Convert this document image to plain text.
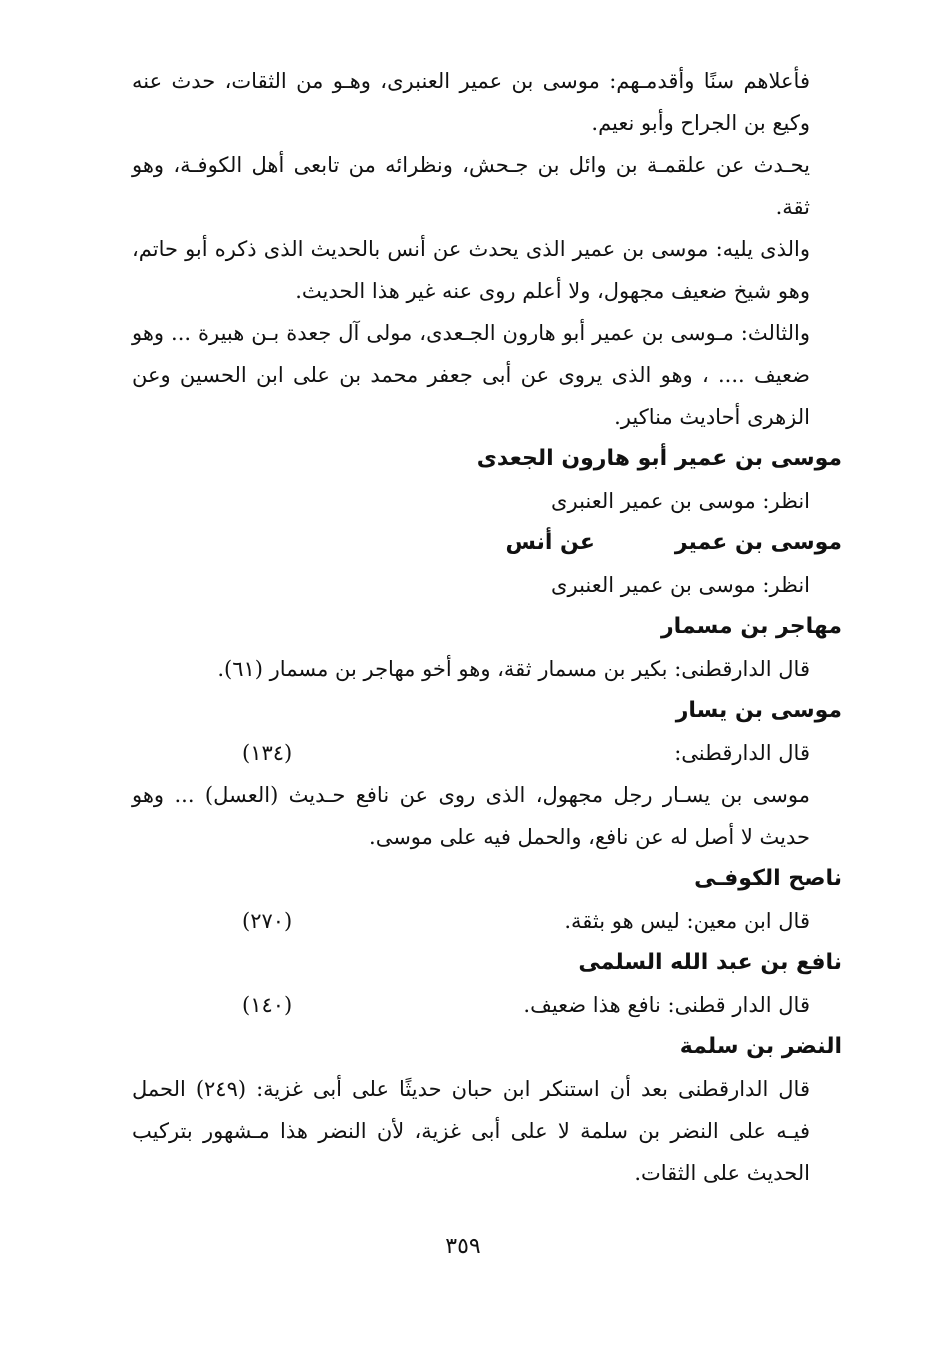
فأعلاهم سنًا وأقدمـهم: موسى بن عمير العنبرى، وهـو من الثقات، حدث عنه وكيع بن الجراح وأبو نعيم.

يحـدث عن علقمـة بن وائل بن جـحش، ونظرائه من تابعى أهل الكوفـة، وهو ثقة.

والذى يليه: موسى بن عمير الذى يحدث عن أنس بالحديث الذى ذكره أبو حاتم، وهو شيخ ضعيف مجهول، ولا أعلم روى عنه غير هذا الحديث.

والثالث: مـوسى بن عمير أبو هارون الجـعدى، مولى آل جعدة بـن هبيرة ... وهو ضعيف .... ، وهو الذى يروى عن أبى جعفر محمد بن على ابن الحسين وعن الزهرى أحاديث مناكير.

موسى بن عمير أبو هارون الجعدى
انظر: موسى بن عمير العنبرى
موسى بن عميرعن أنس
انظر: موسى بن عمير العنبرى
مهاجر بن مسمار

قال الدارقطنى: بكير بن مسمار ثقة، وهو أخو مهاجر بن مسمار (٦١).

موسى بن يسار
قال الدارقطنى:
(١٣٤)

موسى بن يسـار رجل مجهول، الذى روى عن نافع حـديث (العسل) ... وهو حديث لا أصل له عن نافع، والحمل فيه على موسى.

ناصح الكوفـى
قال ابن معين: ليس هو بثقة.
(٢٧٠)
نافع بن عبد الله السلمى
قال الدار قطنى: نافع هذا ضعيف.
(١٤٠)
النضر بن سلمة

قال الدارقطنى بعد أن استنكر ابن حبان حديثًا على أبى غزية: (٢٤٩) الحمل فيـه على النضر بن سلمة لا على أبى غزية، لأن النضر هذا مـشهور بتركيب الحديث على الثقات.

٣٥٩
